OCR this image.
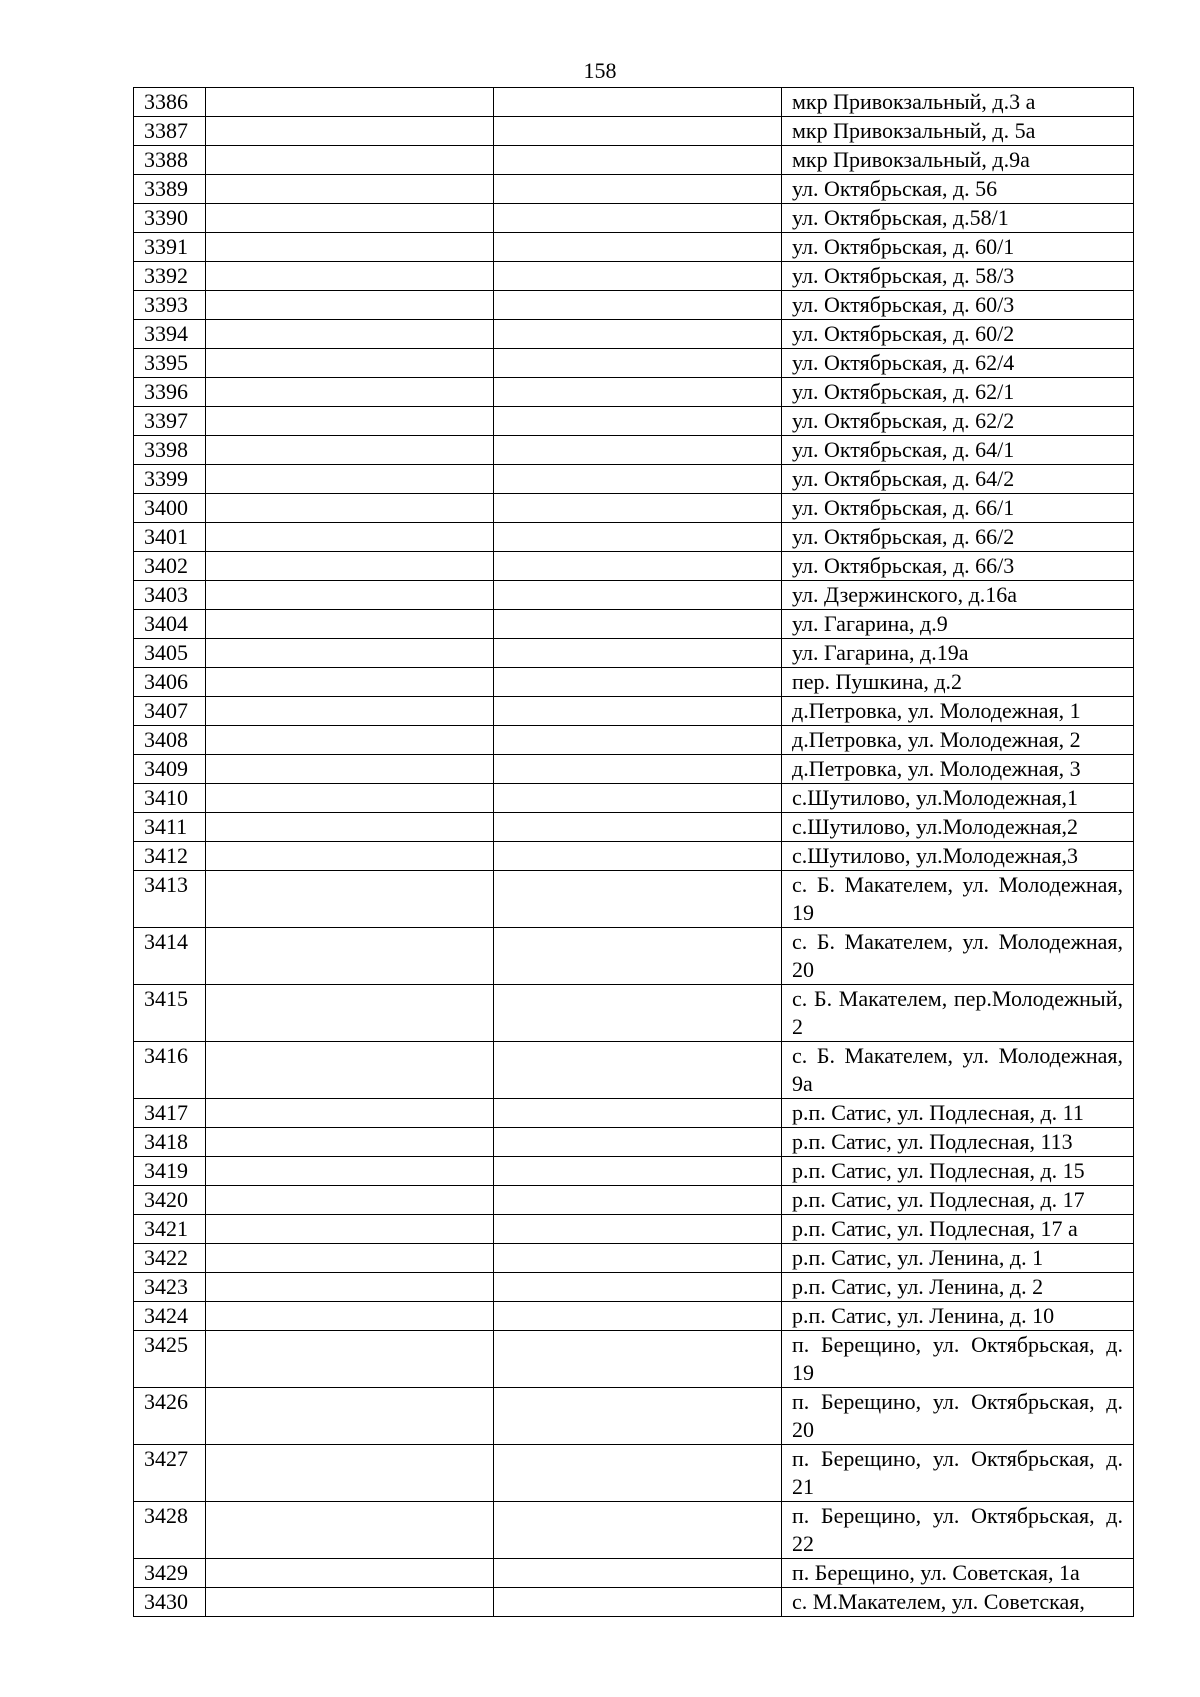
158
3386			мкр Привокзальный, д.3 а
3387			мкр Привокзальный, д. 5а
3388			мкр Привокзальный, д.9а
3389			ул. Октябрьская, д. 56
3390			ул. Октябрьская, д.58/1
3391			ул. Октябрьская, д. 60/1
3392			ул. Октябрьская, д. 58/3
3393			ул. Октябрьская, д. 60/3
3394			ул. Октябрьская, д. 60/2
3395			ул. Октябрьская, д. 62/4
3396			ул. Октябрьская, д. 62/1
3397			ул. Октябрьская, д. 62/2
3398			ул. Октябрьская, д. 64/1
3399			ул. Октябрьская, д. 64/2
3400			ул. Октябрьская, д. 66/1
3401			ул. Октябрьская, д. 66/2
3402			ул. Октябрьская, д. 66/3
3403			ул. Дзержинского, д.16а
3404			ул. Гагарина, д.9
3405			ул. Гагарина, д.19а
3406			пер. Пушкина, д.2
3407			д.Петровка, ул. Молодежная, 1
3408			д.Петровка, ул. Молодежная, 2
3409			д.Петровка, ул. Молодежная, 3
3410			с.Шутилово, ул.Молодежная,1
3411			с.Шутилово, ул.Молодежная,2
3412			с.Шутилово, ул.Молодежная,3
3413			с. Б. Макателем, ул. Молодежная, 19
3414			с. Б. Макателем, ул. Молодежная, 20
3415			с. Б. Макателем, пер.Молодежный, 2
3416			с. Б. Макателем, ул. Молодежная, 9а
3417			р.п. Сатис, ул. Подлесная, д. 11
3418			р.п. Сатис, ул. Подлесная, 113
3419			р.п. Сатис, ул. Подлесная, д. 15
3420			р.п. Сатис, ул. Подлесная, д. 17
3421			р.п. Сатис, ул. Подлесная, 17 а
3422			р.п. Сатис, ул. Ленина, д. 1
3423			р.п. Сатис, ул. Ленина, д. 2
3424			р.п. Сатис, ул. Ленина, д. 10
3425			п. Берещино, ул. Октябрьская, д. 19
3426			п. Берещино, ул. Октябрьская, д. 20
3427			п. Берещино, ул. Октябрьская, д. 21
3428			п. Берещино, ул. Октябрьская, д. 22
3429			п. Берещино, ул. Советская, 1а
3430			с. М.Макателем, ул. Советская,
